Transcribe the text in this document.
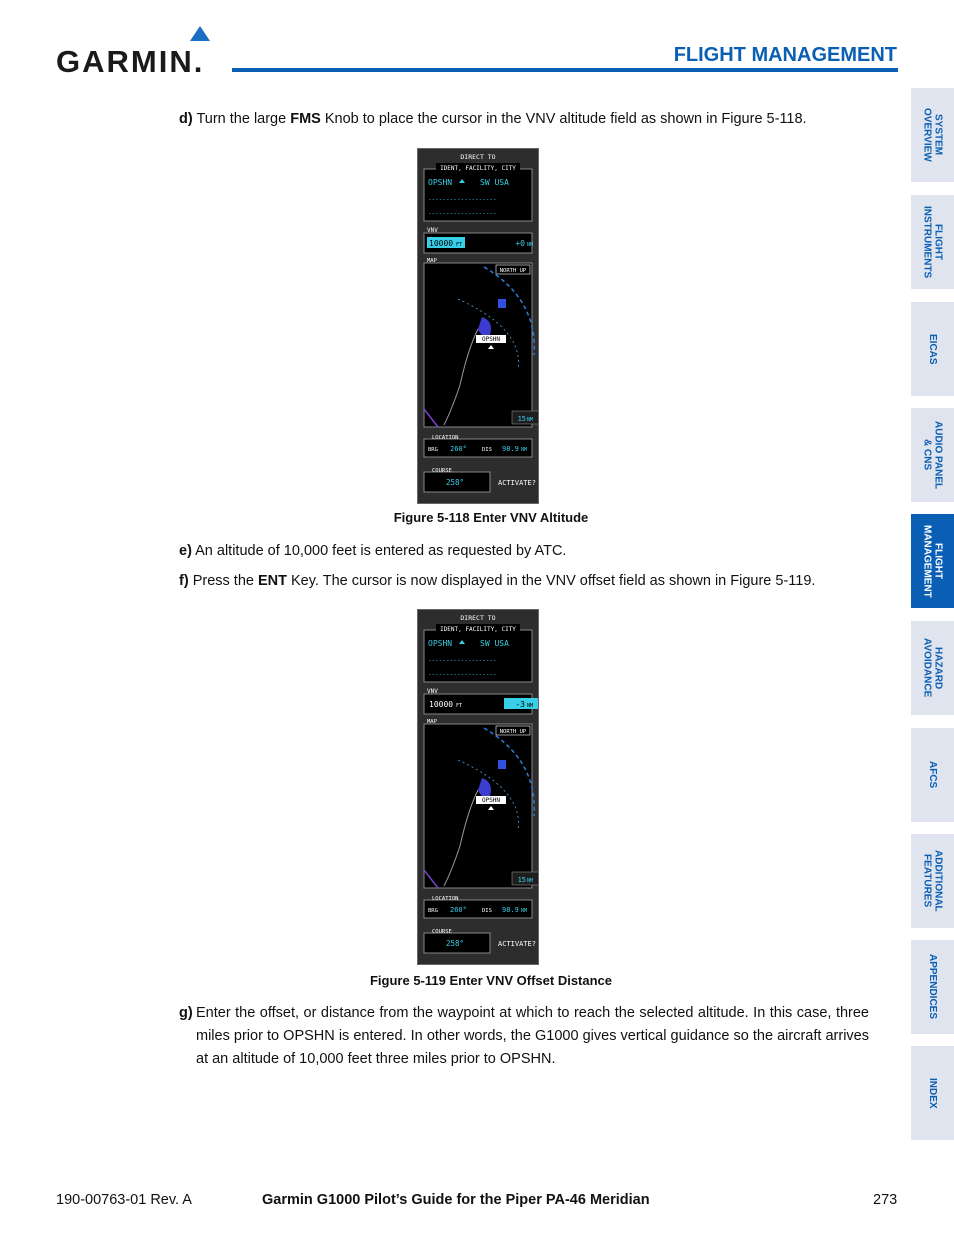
GARMIN.	FLIGHT MANAGEMENT
d) Turn the large FMS Knob to place the cursor in the VNV altitude field as shown in Figure 5-118.
DIRECT TO
IDENT, FACILITY, CITY
OPSHN	SW USA
-------------------
-------------------
VNV
10000 FT	+0 NM
MAP
NORTH UP
OPSHN
15 NM
LOCATION
BRG 260°	DIS 98.9 NM
COURSE
258°	ACTIVATE?
Figure 5-118 Enter VNV Altitude
e) An altitude of 10,000 feet is entered as requested by ATC.
f) Press the ENT Key. The cursor is now displayed in the VNV offset field as shown in Figure 5-119.
DIRECT TO
IDENT, FACILITY, CITY
OPSHN	SW USA
-------------------
-------------------
VNV
10000 FT	-3 NM
MAP
NORTH UP
OPSHN
15 NM
LOCATION
BRG 260°	DIS 98.9 NM
COURSE
258°	ACTIVATE?
Figure 5-119 Enter VNV Offset Distance
g) Enter the offset, or distance from the waypoint at which to reach the selected altitude. In this case, three miles prior to OPSHN is entered. In other words, the G1000 gives vertical guidance so the aircraft arrives at an altitude of 10,000 feet three miles prior to OPSHN.
SYSTEM
OVERVIEW
FLIGHT
INSTRUMENTS
EICAS
AUDIO PANEL
& CNS
FLIGHT
MANAGEMENT
HAZARD
AVOIDANCE
AFCS
ADDITIONAL
FEATURES
APPENDICES
INDEX
190-00763-01 Rev. A	Garmin G1000 Pilot’s Guide for the Piper PA-46 Meridian	273
